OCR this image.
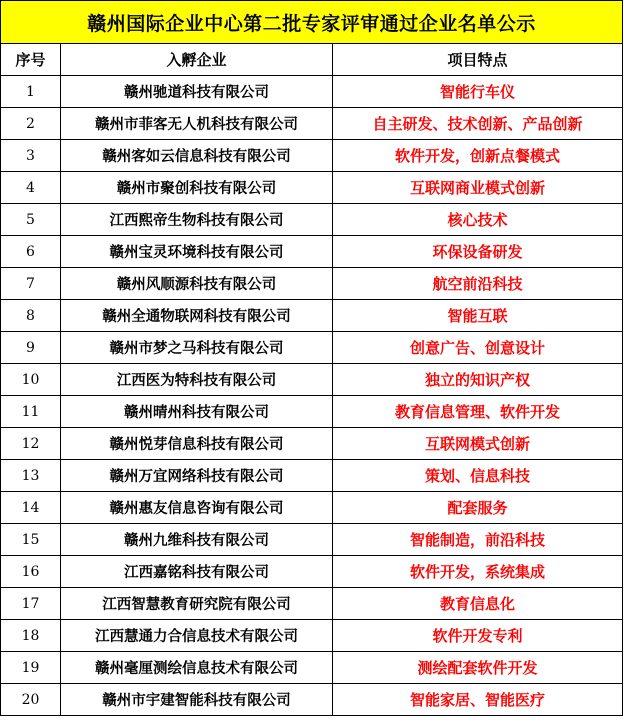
赣州国际企业中心第二批专家评审通过企业名单公示		
序号	入孵企业	项目特点
1	赣州驰道科技有限公司	智能行车仪
2	赣州市菲客无人机科技有限公司	自主研发、技术创新、产品创新
3	赣州客如云信息科技有限公司	软件开发，创新点餐模式
4	赣州市聚创科技有限公司	互联网商业模式创新
5	江西熙帝生物科技有限公司	核心技术
6	赣州宝灵环境科技有限公司	环保设备研发
7	赣州风顺源科技有限公司	航空前沿科技
8	赣州全通物联网科技有限公司	智能互联
9	赣州市梦之马科技有限公司	创意广告、创意设计
10	江西医为特科技有限公司	独立的知识产权
11	赣州晴州科技有限公司	教育信息管理、软件开发
12	赣州悦芽信息科技有限公司	互联网模式创新
13	赣州万宜网络科技有限公司	策划、信息科技
14	赣州惠友信息咨询有限公司	配套服务
15	赣州九维科技有限公司	智能制造，前沿科技
16	江西嘉铭科技有限公司	软件开发，系统集成
17	江西智慧教育研究院有限公司	教育信息化
18	江西慧通力合信息技术有限公司	软件开发专利
19	赣州毫厘测绘信息技术有限公司	测绘配套软件开发
20	赣州市宇建智能科技有限公司	智能家居、智能医疗
